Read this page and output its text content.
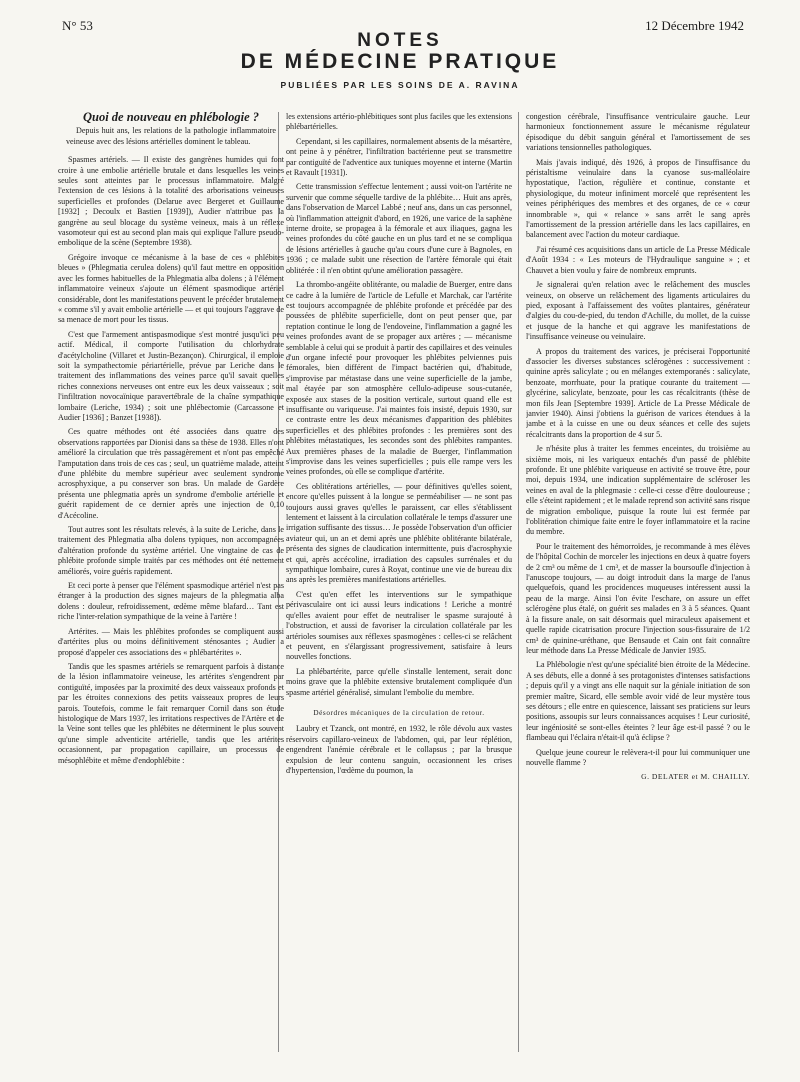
N° 53	12 Décembre 1942
NOTES
DE MÉDECINE PRATIQUE
PUBLIÉES PAR LES SOINS DE A. RAVINA

Quoi de nouveau en phlébologie ?

Depuis huit ans, les relations de la pathologie inflammatoire veineuse avec des lésions artérielles dominent le tableau.

Spasmes artériels. — Il existe des gangrènes humides qui font croire à une embolie artérielle brutale et dans lesquelles les veines seules sont atteintes par le processus inflammatoire. Malgré l'extension de ces lésions à la totalité des arborisations veineuses superficielles et profondes (Delarue avec Bergeret et Guillaume [1932] ; Decoulx et Bastien [1939]), Audier n'attribue pas la gangrène au seul blocage du système veineux, mais à un réflexe vasomoteur qui est au second plan mais qui explique l'allure pseudo-embolique de la scène (Septembre 1938).

Grégoire invoque ce mécanisme à la base de ces « phlébites bleues » (Phlegmatia cerulea dolens) qu'il faut mettre en opposition avec les formes habituelles de la Phlegmatia alba dolens ; à l'élément inflammatoire veineux s'ajoute un élément spasmodique artériel considérable, dont les manifestations peuvent le précéder brutalement « comme s'il y avait embolie artérielle — et qui toujours l'aggrave de sa menace de mort pour les tissus.

C'est que l'armement antispasmodique s'est montré jusqu'ici peu actif. Médical, il comporte l'utilisation du chlorhydrate d'acétylcholine (Villaret et Justin-Bezançon). Chirurgical, il emploie soit la sympathectomie périartérielle, prévue par Leriche dans le traitement des inflammations des veines parce qu'il savait quelles riches connexions nerveuses ont entre eux les deux vaisseaux ; soit l'infiltration novocaïnique paravertébrale de la chaîne sympathique lombaire (Leriche, 1934) ; soit une phlébectomie (Carcassone et Audier [1936] ; Banzet [1938]).

Ces quatre méthodes ont été associées dans quatre des observations rapportées par Dionisi dans sa thèse de 1938. Elles n'ont amélioré la circulation que très passagèrement et n'ont pas empêché l'amputation dans trois de ces cas ; seul, un quatrième malade, atteint d'une phlébite du membre supérieur avec seulement syndrome acrosphyxique, a pu conserver son bras. Un malade de Gardère présenta une phlegmatia après un syndrome d'embolie artérielle et guérit rapidement de ce dernier après une injection de 0,10 d'Acécoline.

Tout autres sont les résultats relevés, à la suite de Leriche, dans le traitement des Phlegmatia alba dolens typiques, non accompagnées d'altération profonde du système artériel. Une vingtaine de cas de phlébite profonde simple traités par ces méthodes ont été nettement améliorés, voire guéris rapidement.

Et ceci porte à penser que l'élément spasmodique artériel n'est pas étranger à la production des signes majeurs de la phlegmatia alba dolens : douleur, refroidissement, œdème même blafard… Tant est riche l'inter-relation sympathique de la veine à l'artère !

Artérites. — Mais les phlébites profondes se compliquent aussi d'artérites plus ou moins définitivement sténosantes ; Audier a proposé d'appeler ces associations des « phlébartérites ».

Tandis que les spasmes artériels se remarquent parfois à distance de la lésion inflammatoire veineuse, les artérites s'engendrent par contiguïté, imposées par la proximité des deux vaisseaux profonds et par les étroites connexions des petits vaisseaux propres de leurs parois. Toutefois, comme le fait remarquer Cornil dans son étude histologique de Mars 1937, les irritations respectives de l'Artère et de la Veine sont telles que les phlébites ne déterminent le plus souvent qu'une simple adventicite artérielle, tandis que les artérites occasionnent, par propagation capillaire, un processus de mésophlébite et même d'endophlébite :

les extensions artério-phlébitiques sont plus faciles que les extensions phlébartérielles.

Cependant, si les capillaires, normalement absents de la mésartère, ont peine à y pénétrer, l'infiltration bactérienne peut se transmettre par contiguïté de l'adventice aux tuniques moyenne et interne (Martin et Ravault [1931]).

Cette transmission s'effectue lentement ; aussi voit-on l'artérite ne survenir que comme séquelle tardive de la phlébite… Huit ans après, dans l'observation de Marcel Labbé ; neuf ans, dans un cas personnel, où l'inflammation atteignit d'abord, en 1926, une varice de la saphène interne droite, se propagea à la fémorale et aux iliaques, gagna les veines profondes du côté gauche en un plus tard et ne se compliqua de lésions artérielles à gauche qu'au cours d'une cure à Bagnoles, en 1936 ; ce malade subit une résection de l'artère fémorale qui était oblitérée : il n'en obtint qu'une amélioration passagère.

La thrombo-angéite oblitérante, ou maladie de Buerger, entre dans ce cadre à la lumière de l'article de Lefulle et Marchak, car l'artérite est toujours accompagnée de phlébite profonde et précédée par des poussées de phlébite superficielle, dont on peut penser que, par reptation continue le long de l'endoveine, l'inflammation a gagné les veines profondes avant de se propager aux artères ; — mécanisme semblable à celui qui se produit à partir des capillaires et des veinules d'un organe infecté pour provoquer les phlébites pelviennes puis fémorales, bien différent de l'impact bactérien qui, d'habitude, s'improvise par métastase dans une veine superficielle de la jambe, mal étayée par son atmosphère cellulo-adipeuse sous-cutanée, exposée aux stases de la position verticale, surtout quand elle est insuffisante ou variqueuse. J'ai maintes fois insisté, depuis 1930, sur ce contraste entre les deux mécanismes d'apparition des phlébites superficielles et des phlébites profondes : les premières sont des phlébites métastatiques, les secondes sont des phlébites rampantes. Aux premières phases de la maladie de Buerger, l'inflammation s'improvise dans les veines superficielles ; puis elle rampe vers les veines profondes, où elle se complique d'artérite.

Ces oblitérations artérielles, — pour définitives qu'elles soient, encore qu'elles puissent à la longue se perméabiliser — ne sont pas toujours aussi graves qu'elles le paraissent, car elles s'établissent lentement et laissent à la circulation collatérale le temps d'assurer une irrigation suffisante des tissus… Je possède l'observation d'un officier aviateur qui, un an et demi après une phlébite oblitérante bilatérale, présenta des signes de claudication intermittente, puis d'acrosphyxie et qui, après accécoline, irradiation des capsules surrénales et du sympathique lombaire, cures à Royat, continue une vie de bureau dix ans après les premières manifestations artérielles.

C'est qu'en effet les interventions sur le sympathique périvasculaire ont ici aussi leurs indications ! Leriche a montré qu'elles avaient pour effet de neutraliser le spasme surajouté à l'obstruction, et aussi de favoriser la circulation collatérale par les artérioles soumises aux réflexes spasmogènes : celles-ci se relâchent et peuvent, en s'élargissant progressivement, satisfaire à leurs nouvelles fonctions.

La phlébartérite, parce qu'elle s'installe lentement, serait donc moins grave que la phlébite extensive brutalement compliquée d'un spasme artériel généralisé, simulant l'embolie du membre.

Désordres mécaniques de la circulation de retour.

Laubry et Tzanck, ont montré, en 1932, le rôle dévolu aux vastes réservoirs capillaro-veineux de l'abdomen, qui, par leur réplétion, engendrent l'anémie cérébrale et le collapsus ; par la brusque expulsion de leur contenu sanguin, occasionnent les crises d'hypertension, l'œdème du poumon, la

congestion cérébrale, l'insuffisance ventriculaire gauche. Leur harmonieux fonctionnement assure le mécanisme régulateur épisodique du débit sanguin général et l'amortissement de ses variations tensionnelles pathologiques.

Mais j'avais indiqué, dès 1926, à propos de l'insuffisance du péristaltisme veinulaire dans la cyanose sus-malléolaire hypostatique, l'action, régulière et continue, constante et physiologique, du moteur infiniment morcelé que représentent les veines périphériques des membres et des organes, de ce « cœur innombrable », qui « relance » sans arrêt le sang après l'amortissement de la pression artérielle dans les lacs capillaires, en balancement avec l'action du moteur cardiaque.

J'ai résumé ces acquisitions dans un article de La Presse Médicale d'Août 1934 : « Les moteurs de l'Hydraulique sanguine » ; et Chauvet a bien voulu y faire de nombreux emprunts.

Je signalerai qu'en relation avec le relâchement des muscles veineux, on observe un relâchement des ligaments articulaires du pied, exposant à l'affaissement des voûtes plantaires, générateur d'algies du cou-de-pied, du tendon d'Achille, du mollet, de la cuisse et jusque de la hanche et qui aggrave les manifestations de l'insuffisance veineuse ou veinulaire.

A propos du traitement des varices, je préciserai l'opportunité d'associer les diverses substances sclérogènes : successivement : quinine après salicylate ; ou en mélanges extemporanés : salicylate, benzoate, morrhuate, pour la pratique courante du traitement — glycérine, salicylate, benzoate, pour les cas récalcitrants (thèse de mon fils Jean [Septembre 1939]. Article de La Presse Médicale de janvier 1940). Ainsi j'obtiens la guérison de varices étendues à la jambe et à la cuisse en une ou deux séances et celle des sujets récalcitrants dans la proportion de 4 sur 5.

Je n'hésite plus à traiter les femmes enceintes, du troisième au sixième mois, ni les variqueux entachés d'un passé de phlébite profonde. Et une phlébite variqueuse en activité se trouve être, pour moi, depuis 1934, une indication supplémentaire de scléroser les veines en aval de la phlegmasie : celle-ci cesse d'être douloureuse ; elle s'éteint rapidement ; et le malade reprend son activité sans risque de migration embolique, puisque la route lui est fermée par l'oblitération chimique faite entre le foyer inflammatoire et la racine du membre.

Pour le traitement des hémorroïdes, je recommande à mes élèves de l'hôpital Cochin de morceler les injections en deux à quatre foyers de 2 cm³ ou même de 1 cm³, et de masser la boursoufle d'injection à l'anuscope toujours, — au doigt introduit dans la marge de l'anus quelquefois, quand les procidences muqueuses intéressent aussi la peau de la marge. Ainsi l'on évite l'eschare, on assure un effet sclérogène plus étalé, on guérit ses malades en 3 à 5 séances. Quant à la fissure anale, on sait désormais quel miraculeux apaisement et quelle rapide cicatrisation procure l'injection sous-fissuraire de 1/2 cm³ de quinine-uréthane, que Bensaude et Cain ont fait connaître leur méthode dans La Presse Médicale de Janvier 1935.

La Phlébologie n'est qu'une spécialité bien étroite de la Médecine. A ses débuts, elle a donné à ses protagonistes d'intenses satisfactions ; depuis qu'il y a vingt ans elle naquit sur la géniale initiation de son premier maître, Sicard, elle semble avoir vidé de leur mystère tous ses détours ; elle entre en quiescence, laissant ses praticiens sur leurs positions, assoupis sur leurs connaissances acquises ! Leur curiosité, leur ingéniosité se sont-elles éteintes ? leur âge est-il passé ? ou le flambeau qui l'éclaira n'était-il qu'à éclipse ?

Quelque jeune coureur le relèvera-t-il pour lui communiquer une nouvelle flamme ?

G. DELATER et M. CHAILLY.
